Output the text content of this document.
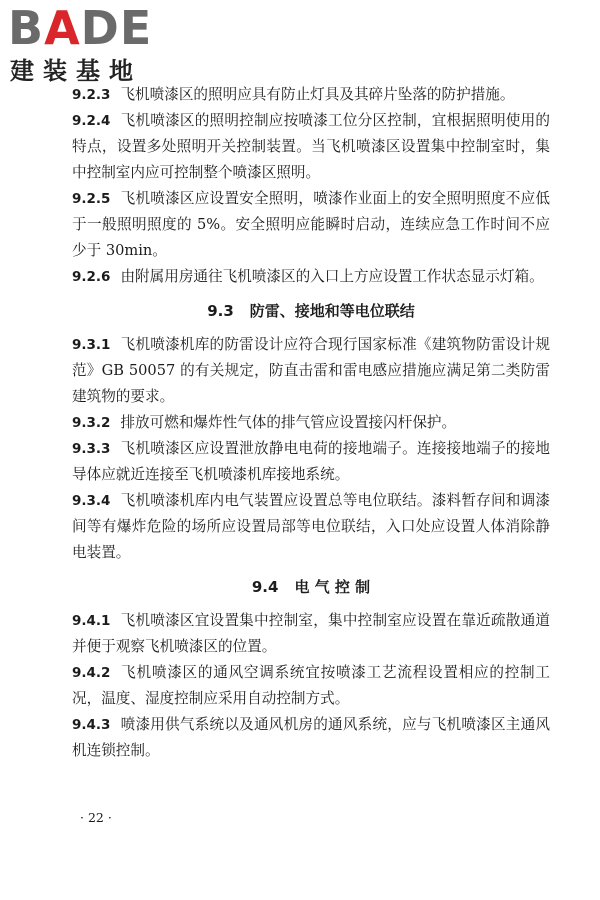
BADE
建装基地

9.2.3 飞机喷漆区的照明应具有防止灯具及其碎片坠落的防护措施。

9.2.4 飞机喷漆区的照明控制应按喷漆工位分区控制，宜根据照明使用的特点，设置多处照明开关控制装置。当飞机喷漆区设置集中控制室时，集中控制室内应可控制整个喷漆区照明。

9.2.5 飞机喷漆区应设置安全照明，喷漆作业面上的安全照明照度不应低于一般照明照度的 5%。安全照明应能瞬时启动，连续应急工作时间不应少于 30min。

9.2.6 由附属用房通往飞机喷漆区的入口上方应设置工作状态显示灯箱。

9.3 防雷、接地和等电位联结

9.3.1 飞机喷漆机库的防雷设计应符合现行国家标准《建筑物防雷设计规范》GB 50057 的有关规定，防直击雷和雷电感应措施应满足第二类防雷建筑物的要求。

9.3.2 排放可燃和爆炸性气体的排气管应设置接闪杆保护。

9.3.3 飞机喷漆区应设置泄放静电电荷的接地端子。连接接地端子的接地导体应就近连接至飞机喷漆机库接地系统。

9.3.4 飞机喷漆机库内电气装置应设置总等电位联结。漆料暂存间和调漆间等有爆炸危险的场所应设置局部等电位联结，入口处应设置人体消除静电装置。

9.4 电 气 控 制

9.4.1 飞机喷漆区宜设置集中控制室，集中控制室应设置在靠近疏散通道并便于观察飞机喷漆区的位置。

9.4.2 飞机喷漆区的通风空调系统宜按喷漆工艺流程设置相应的控制工况，温度、湿度控制应采用自动控制方式。

9.4.3 喷漆用供气系统以及通风机房的通风系统，应与飞机喷漆区主通风机连锁控制。

· 22 ·
